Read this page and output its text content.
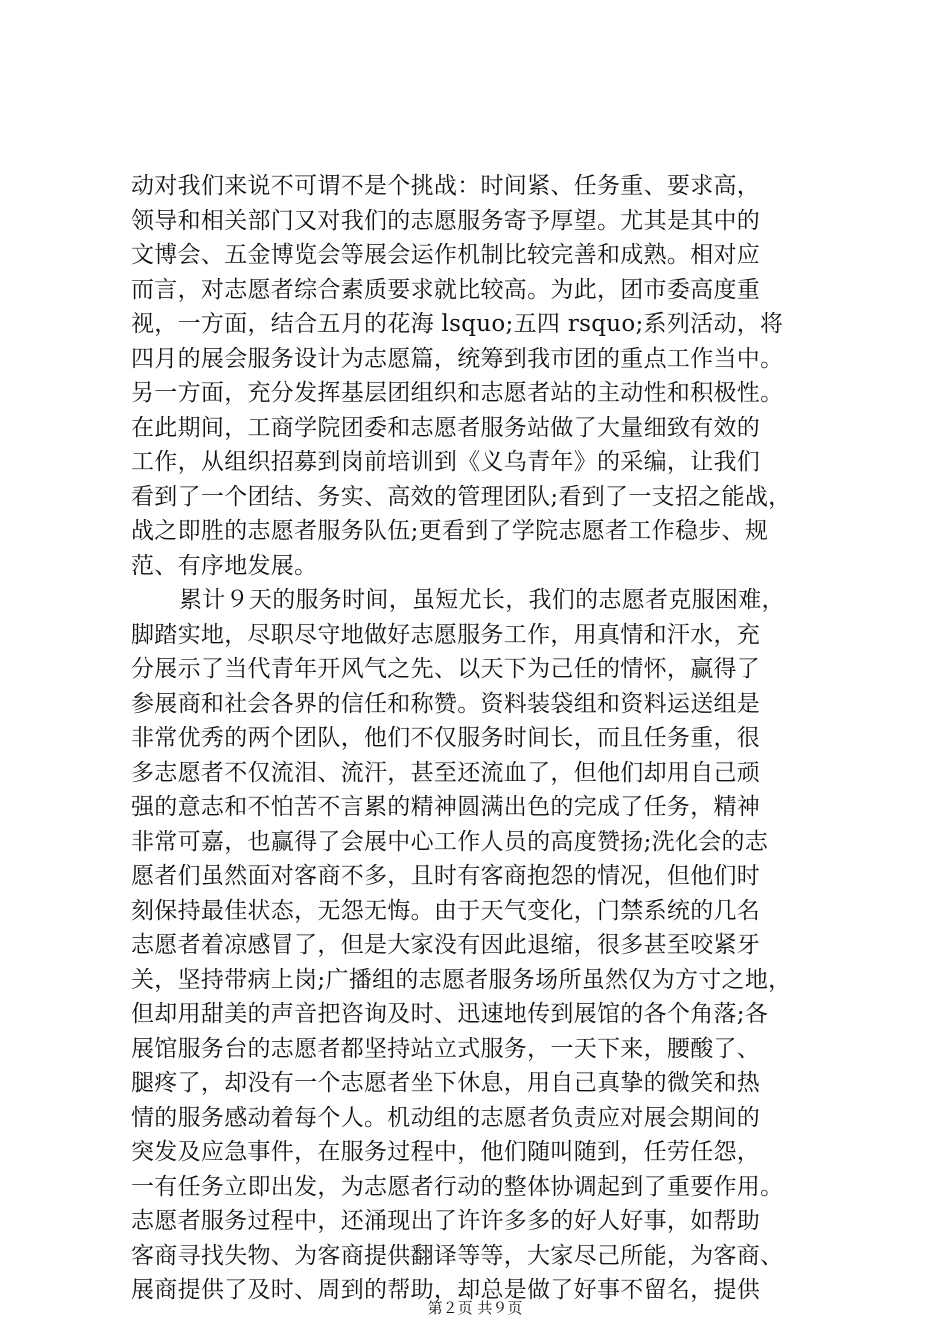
动对我们来说不可谓不是个挑战：时间紧、任务重、要求高，
领导和相关部门又对我们的志愿服务寄予厚望。尤其是其中的
文博会、五金博览会等展会运作机制比较完善和成熟。相对应
而言，对志愿者综合素质要求就比较高。为此，团市委高度重
视，一方面，结合五月的花海 lsquo;五四 rsquo;系列活动，将
四月的展会服务设计为志愿篇，统筹到我市团的重点工作当中。
另一方面，充分发挥基层团组织和志愿者站的主动性和积极性。
在此期间，工商学院团委和志愿者服务站做了大量细致有效的
工作，从组织招募到岗前培训到《义乌青年》的采编，让我们
看到了一个团结、务实、高效的管理团队;看到了一支招之能战，
战之即胜的志愿者服务队伍;更看到了学院志愿者工作稳步、规
范、有序地发展。
累计９天的服务时间，虽短尤长，我们的志愿者克服困难，
脚踏实地，尽职尽守地做好志愿服务工作，用真情和汗水，充
分展示了当代青年开风气之先、以天下为己任的情怀，赢得了
参展商和社会各界的信任和称赞。资料装袋组和资料运送组是
非常优秀的两个团队，他们不仅服务时间长，而且任务重，很
多志愿者不仅流泪、流汗，甚至还流血了，但他们却用自己顽
强的意志和不怕苦不言累的精神圆满出色的完成了任务，精神
非常可嘉，也赢得了会展中心工作人员的高度赞扬;洗化会的志
愿者们虽然面对客商不多，且时有客商抱怨的情况，但他们时
刻保持最佳状态，无怨无悔。由于天气变化，门禁系统的几名
志愿者着凉感冒了，但是大家没有因此退缩，很多甚至咬紧牙
关，坚持带病上岗;广播组的志愿者服务场所虽然仅为方寸之地，
但却用甜美的声音把咨询及时、迅速地传到展馆的各个角落;各
展馆服务台的志愿者都坚持站立式服务，一天下来，腰酸了、
腿疼了，却没有一个志愿者坐下休息，用自己真挚的微笑和热
情的服务感动着每个人。机动组的志愿者负责应对展会期间的
突发及应急事件，在服务过程中，他们随叫随到，任劳任怨，
一有任务立即出发，为志愿者行动的整体协调起到了重要作用。
志愿者服务过程中，还涌现出了许许多多的好人好事，如帮助
客商寻找失物、为客商提供翻译等等，大家尽己所能，为客商、
展商提供了及时、周到的帮助，却总是做了好事不留名，提供
第２页 共９页
